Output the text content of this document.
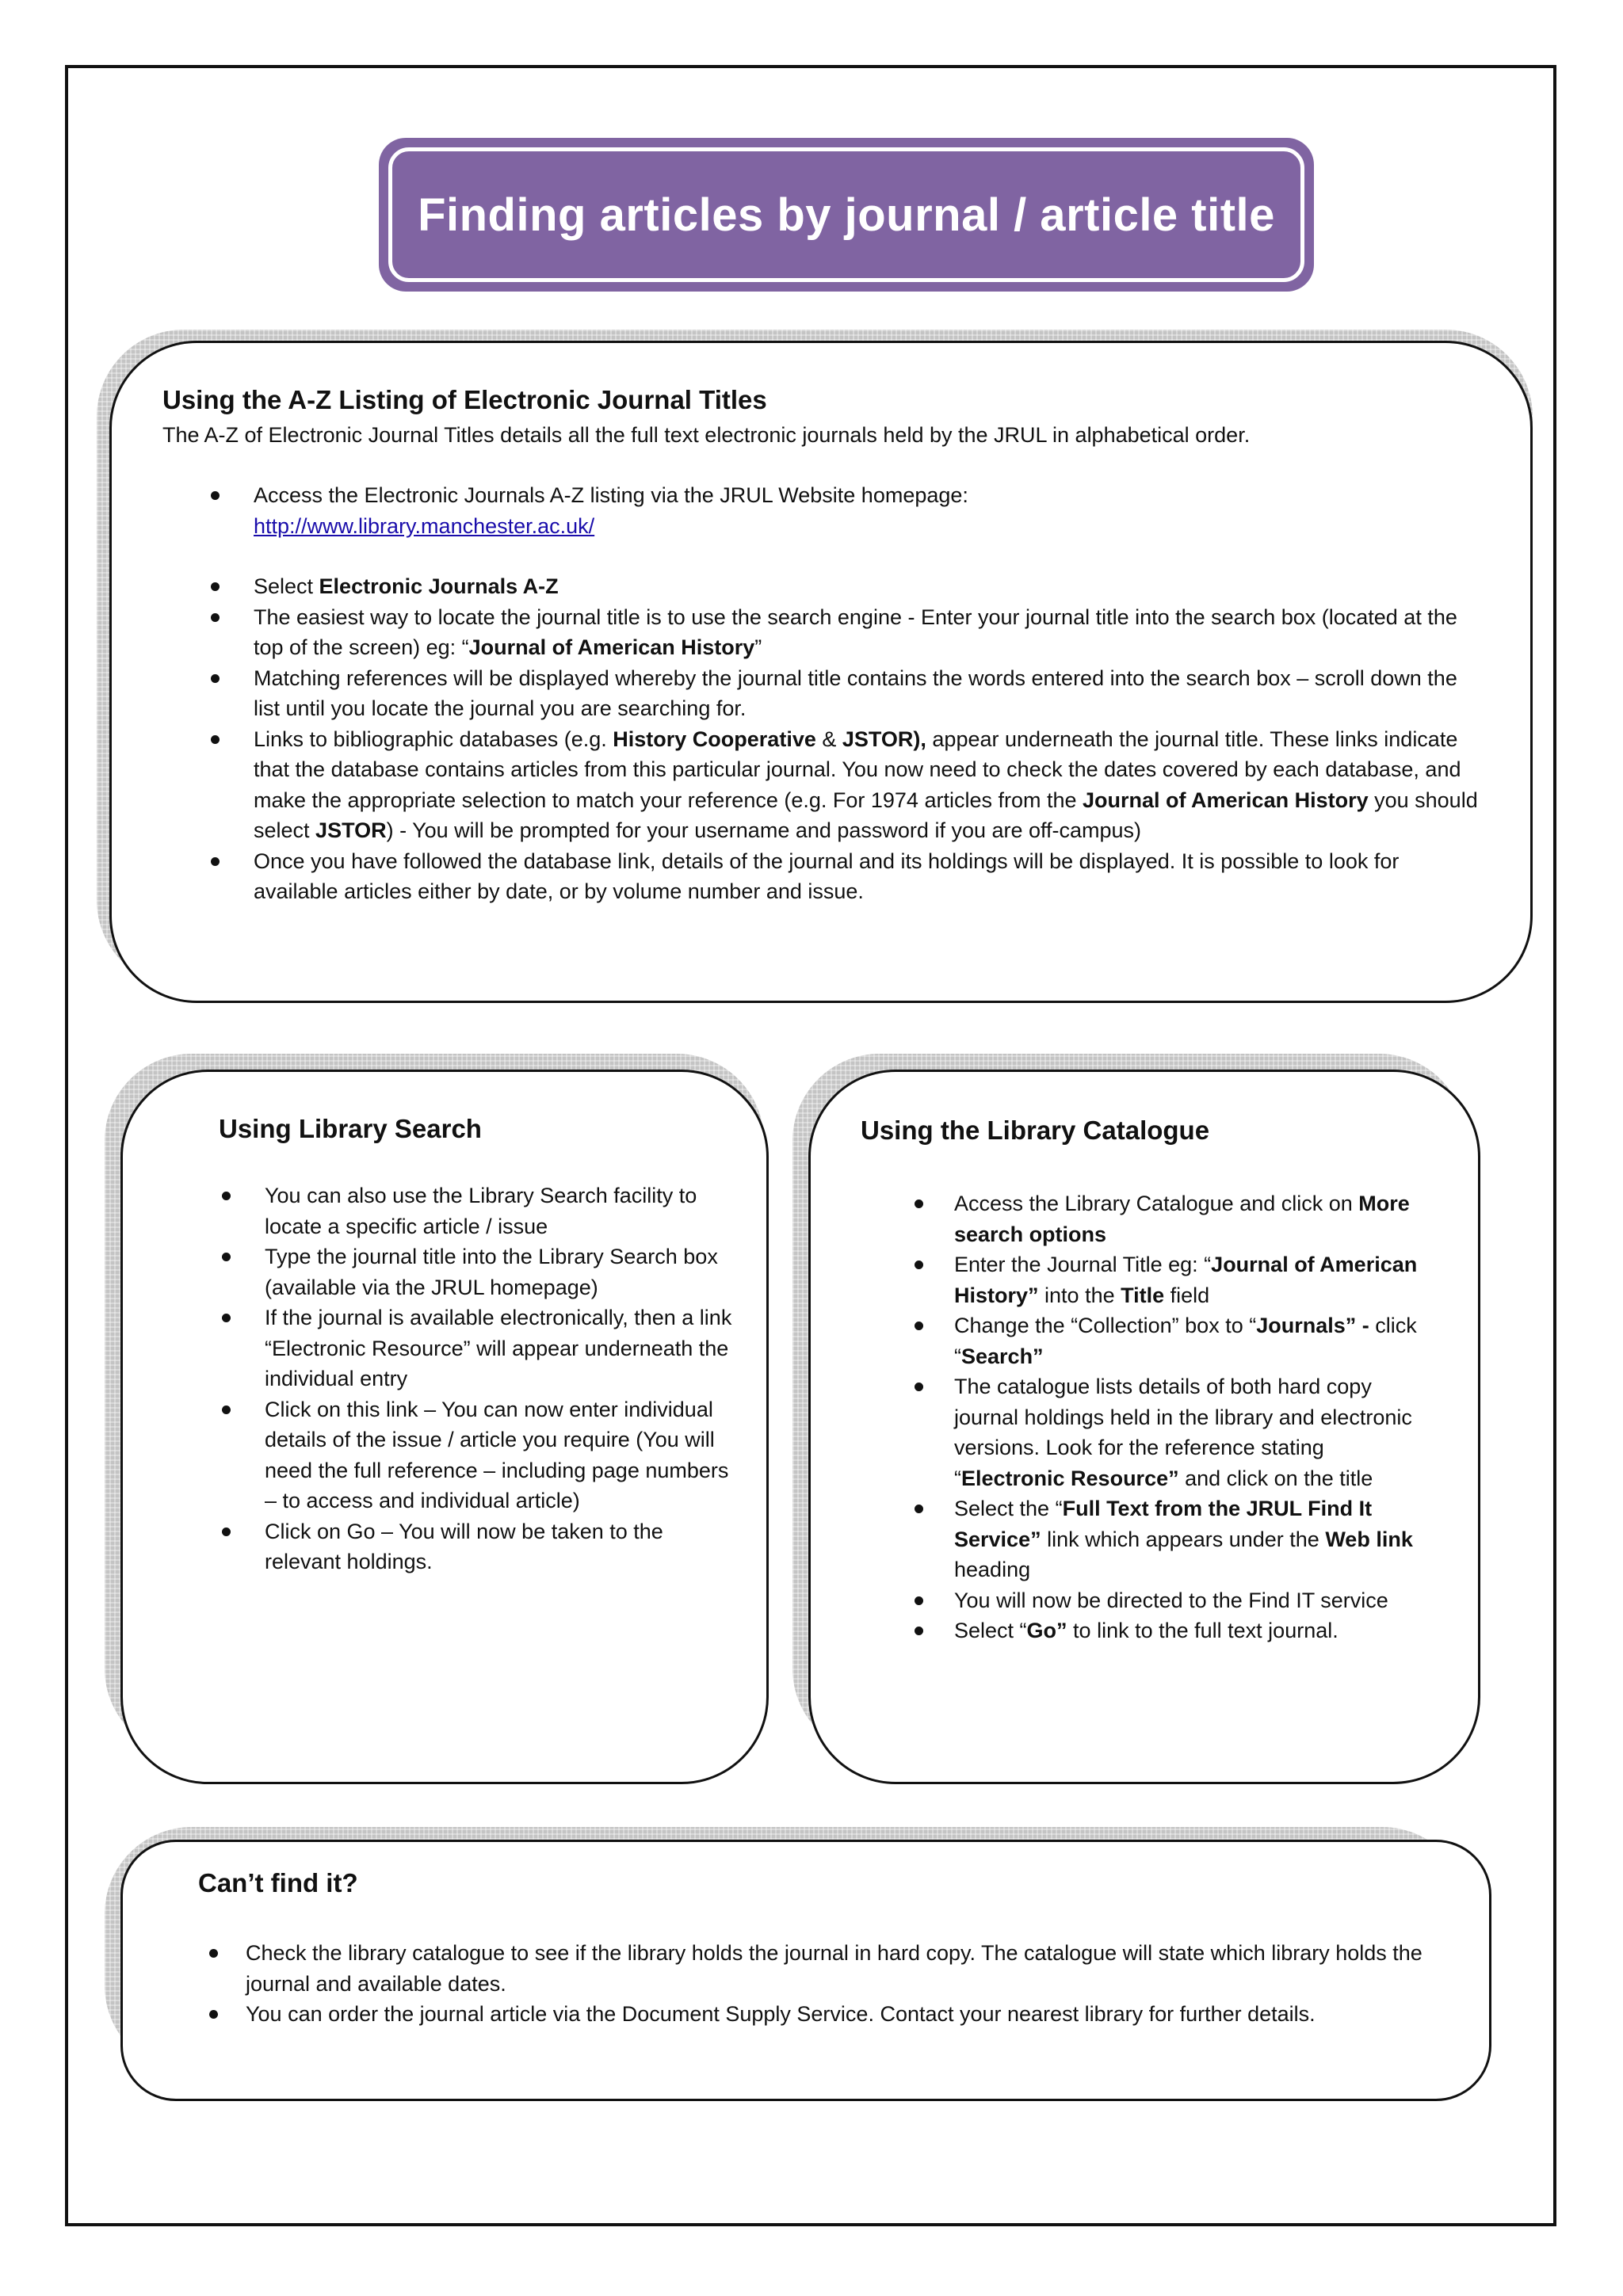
Finding articles by journal / article title
Using the A-Z Listing of Electronic Journal Titles

The A-Z of Electronic Journal Titles details all the full text electronic journals held by the JRUL in alphabetical order.

Access the Electronic Journals A-Z listing via the JRUL Website homepage:
http://www.library.manchester.ac.uk/
Select Electronic Journals A-Z
The easiest way to locate the journal title is to use the search engine - Enter your journal title into the search box (located at the top of the screen) eg: “Journal of American History”
Matching references will be displayed whereby the journal title contains the words entered into the search box – scroll down the list until you locate the journal you are searching for.
Links to bibliographic databases (e.g. History Cooperative & JSTOR), appear underneath the journal title. These links indicate that the database contains articles from this particular journal. You now need to check the dates covered by each database, and make the appropriate selection to match your reference (e.g. For 1974 articles from the Journal of American History you should select JSTOR) - You will be prompted for your username and password if you are off-campus)
Once you have followed the database link, details of the journal and its holdings will be displayed. It is possible to look for available articles either by date, or by volume number and issue.
Using Library Search
You can also use the Library Search facility to locate a specific article / issue
Type the journal title into the Library Search box (available via the JRUL homepage)
If the journal is available electronically, then a link “Electronic Resource” will appear underneath the individual entry
Click on this link – You can now enter individual details of the issue / article you require (You will need the full reference – including page numbers – to access and individual article)
Click on Go – You will now be taken to the relevant holdings.
Using the Library Catalogue
Access the Library Catalogue and click on More search options
Enter the Journal Title eg: “Journal of American History” into the Title field
Change the “Collection” box to “Journals” - click “Search”
The catalogue lists details of both hard copy journal holdings held in the library and electronic versions. Look for the reference stating “Electronic Resource” and click on the title
Select the “Full Text from the JRUL Find It Service” link which appears under the Web link heading
You will now be directed to the Find IT service
Select “Go” to link to the full text journal.
Can’t find it?
Check the library catalogue to see if the library holds the journal in hard copy. The catalogue will state which library holds the journal and available dates.
You can order the journal article via the Document Supply Service. Contact your nearest library for further details.
